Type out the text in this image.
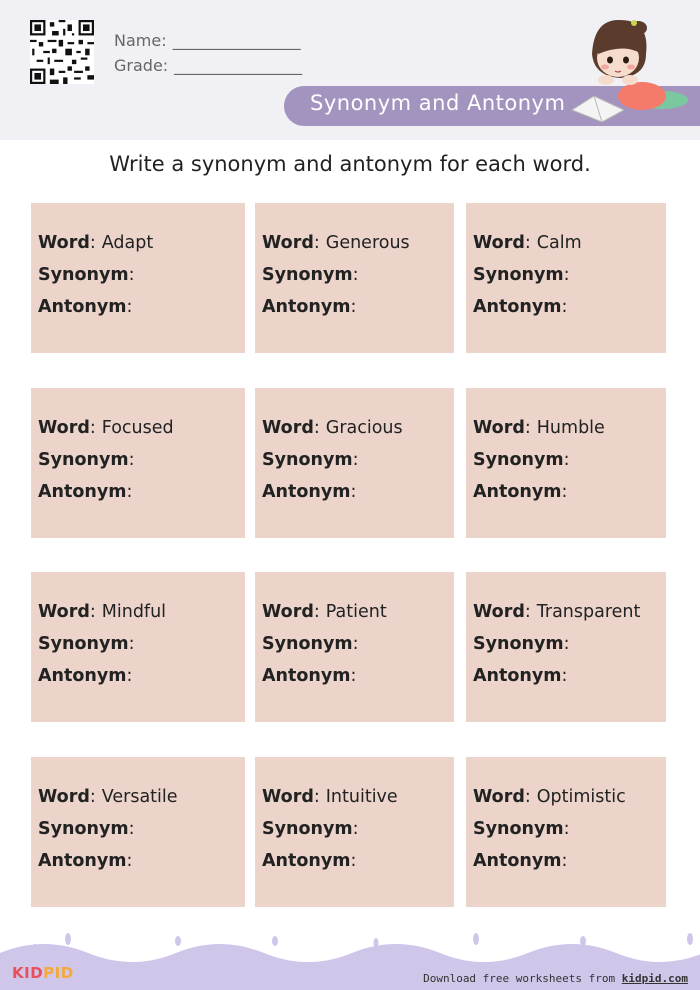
Name: ________________
Grade: ________________
Synonym and Antonym
Write a synonym and antonym for each word.
Word: Adapt
Synonym:
Antonym:
Word: Generous
Synonym:
Antonym:
Word: Calm
Synonym:
Antonym:
Word: Focused
Synonym:
Antonym:
Word: Gracious
Synonym:
Antonym:
Word: Humble
Synonym:
Antonym:
Word: Mindful
Synonym:
Antonym:
Word: Patient
Synonym:
Antonym:
Word: Transparent
Synonym:
Antonym:
Word: Versatile
Synonym:
Antonym:
Word: Intuitive
Synonym:
Antonym:
Word: Optimistic
Synonym:
Antonym:
KIDPID	Download free worksheets from kidpid.com
